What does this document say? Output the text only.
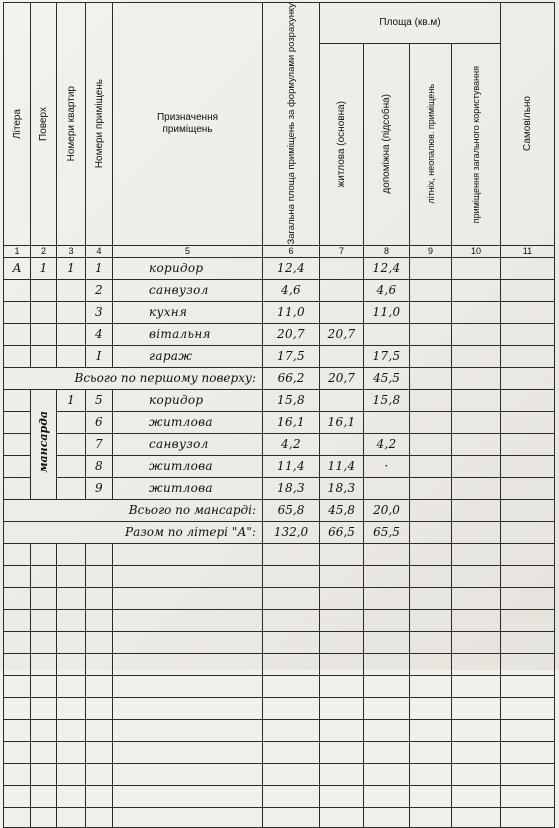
Літера	Поверх	Номери квартир	Номери приміщень	Призначення приміщень	Загальна площа приміщень за формулами розрахунку	Площа (кв.м)				Самовільно

						житлова (основна)	допоміжна (підсобна)	літніх, неопалюв. приміщень	приміщення загального користування	

1	2	3	4	5	6	7	8	9	10	11
А	1	1	1	коридор	12,4		12,4			
			2	санвузол	4,6		4,6			
			3	кухня	11,0		11,0			
			4	вітальня	20,7	20,7				
			I	гараж	17,5		17,5			
Всього по першому поверху:					66,2	20,7	45,5			
	мансарда	1	5	коридор	15,8		15,8			
			6	житлова	16,1	16,1				
			7	санвузол	4,2		4,2			
			8	житлова	11,4	11,4	·			
			9	житлова	18,3	18,3				
Всього по мансарді:					65,8	45,8	20,0			
Разом по літері "А":					132,0	66,5	65,5			
